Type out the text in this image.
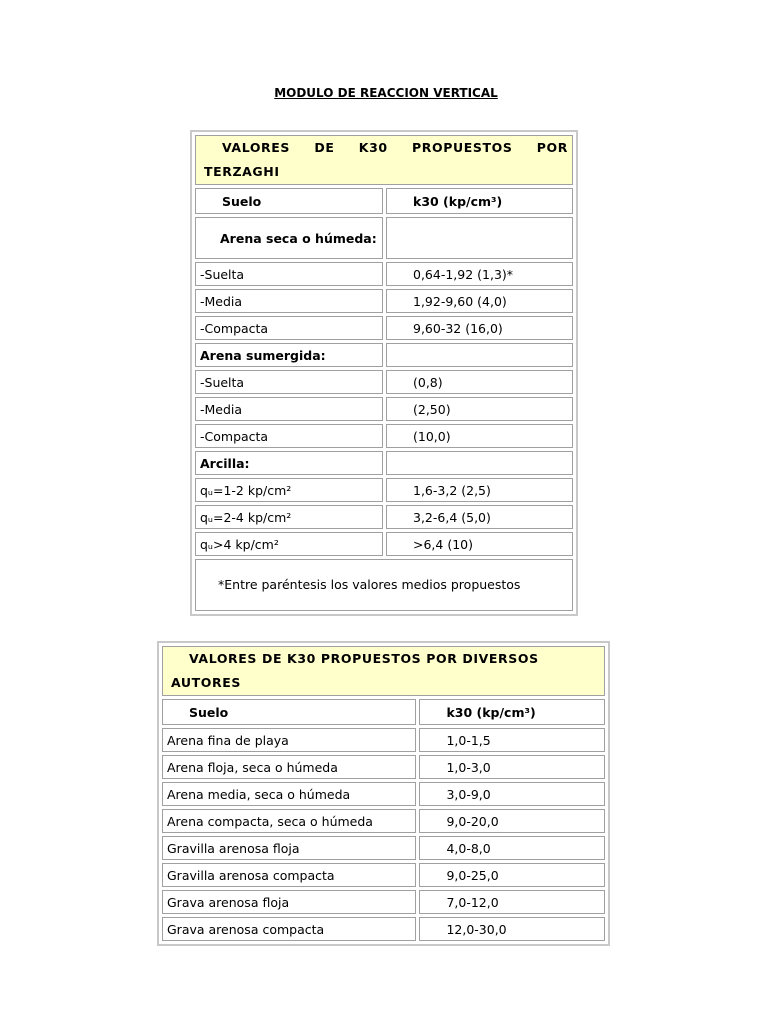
MODULO DE REACCION VERTICAL
VALORES DE K30 PROPUESTOS POR TERZAGHI	
Suelo	k30 (kp/cm³)
Arena seca o húmeda:	
-Suelta	0,64-1,92 (1,3)*
-Media	1,92-9,60 (4,0)
-Compacta	9,60-32 (16,0)
Arena sumergida:	
-Suelta	(0,8)
-Media	(2,50)
-Compacta	(10,0)
Arcilla:	
qᵤ=1-2 kp/cm²	1,6-3,2 (2,5)
qᵤ=2-4 kp/cm²	3,2-6,4 (5,0)
qᵤ>4 kp/cm²	>6,4 (10)
*Entre paréntesis los valores medios propuestos	
VALORES DE K30 PROPUESTOS POR DIVERSOS AUTORES	
Suelo	k30 (kp/cm³)
Arena fina de playa	1,0-1,5
Arena floja, seca o húmeda	1,0-3,0
Arena media, seca o húmeda	3,0-9,0
Arena compacta, seca o húmeda	9,0-20,0
Gravilla arenosa floja	4,0-8,0
Gravilla arenosa compacta	9,0-25,0
Grava arenosa floja	7,0-12,0
Grava arenosa compacta	12,0-30,0
